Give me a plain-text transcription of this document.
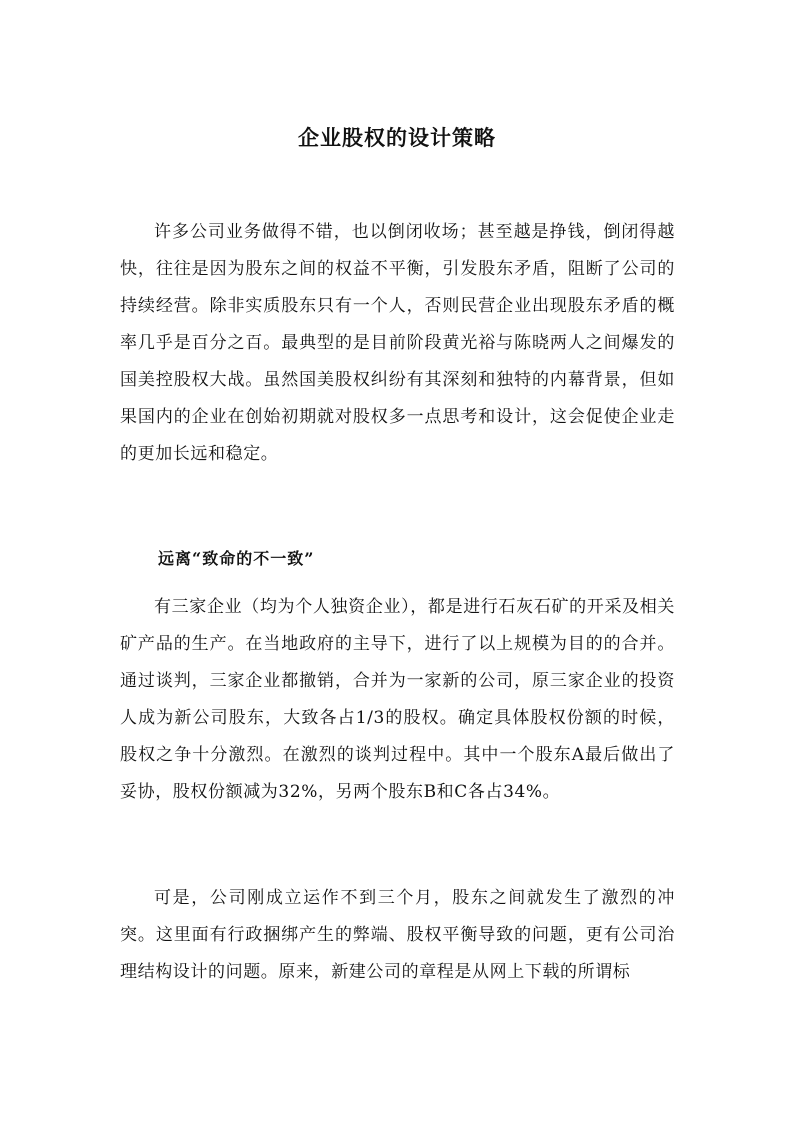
企业股权的设计策略

许多公司业务做得不错，也以倒闭收场；甚至越是挣钱，倒闭得越快，往往是因为股东之间的权益不平衡，引发股东矛盾，阻断了公司的持续经营。除非实质股东只有一个人，否则民营企业出现股东矛盾的概率几乎是百分之百。最典型的是目前阶段黄光裕与陈晓两人之间爆发的国美控股权大战。虽然国美股权纠纷有其深刻和独特的内幕背景，但如果国内的企业在创始初期就对股权多一点思考和设计，这会促使企业走的更加长远和稳定。

远离“致命的不一致”

有三家企业（均为个人独资企业），都是进行石灰石矿的开采及相关矿产品的生产。在当地政府的主导下，进行了以上规模为目的的合并。通过谈判，三家企业都撤销，合并为一家新的公司，原三家企业的投资人成为新公司股东，大致各占1/3的股权。确定具体股权份额的时候，股权之争十分激烈。在激烈的谈判过程中。其中一个股东A最后做出了妥协，股权份额减为32%，另两个股东B和C各占34%。

可是，公司刚成立运作不到三个月，股东之间就发生了激烈的冲突。这里面有行政捆绑产生的弊端、股权平衡导致的问题，更有公司治理结构设计的问题。原来，新建公司的章程是从网上下载的所谓标
